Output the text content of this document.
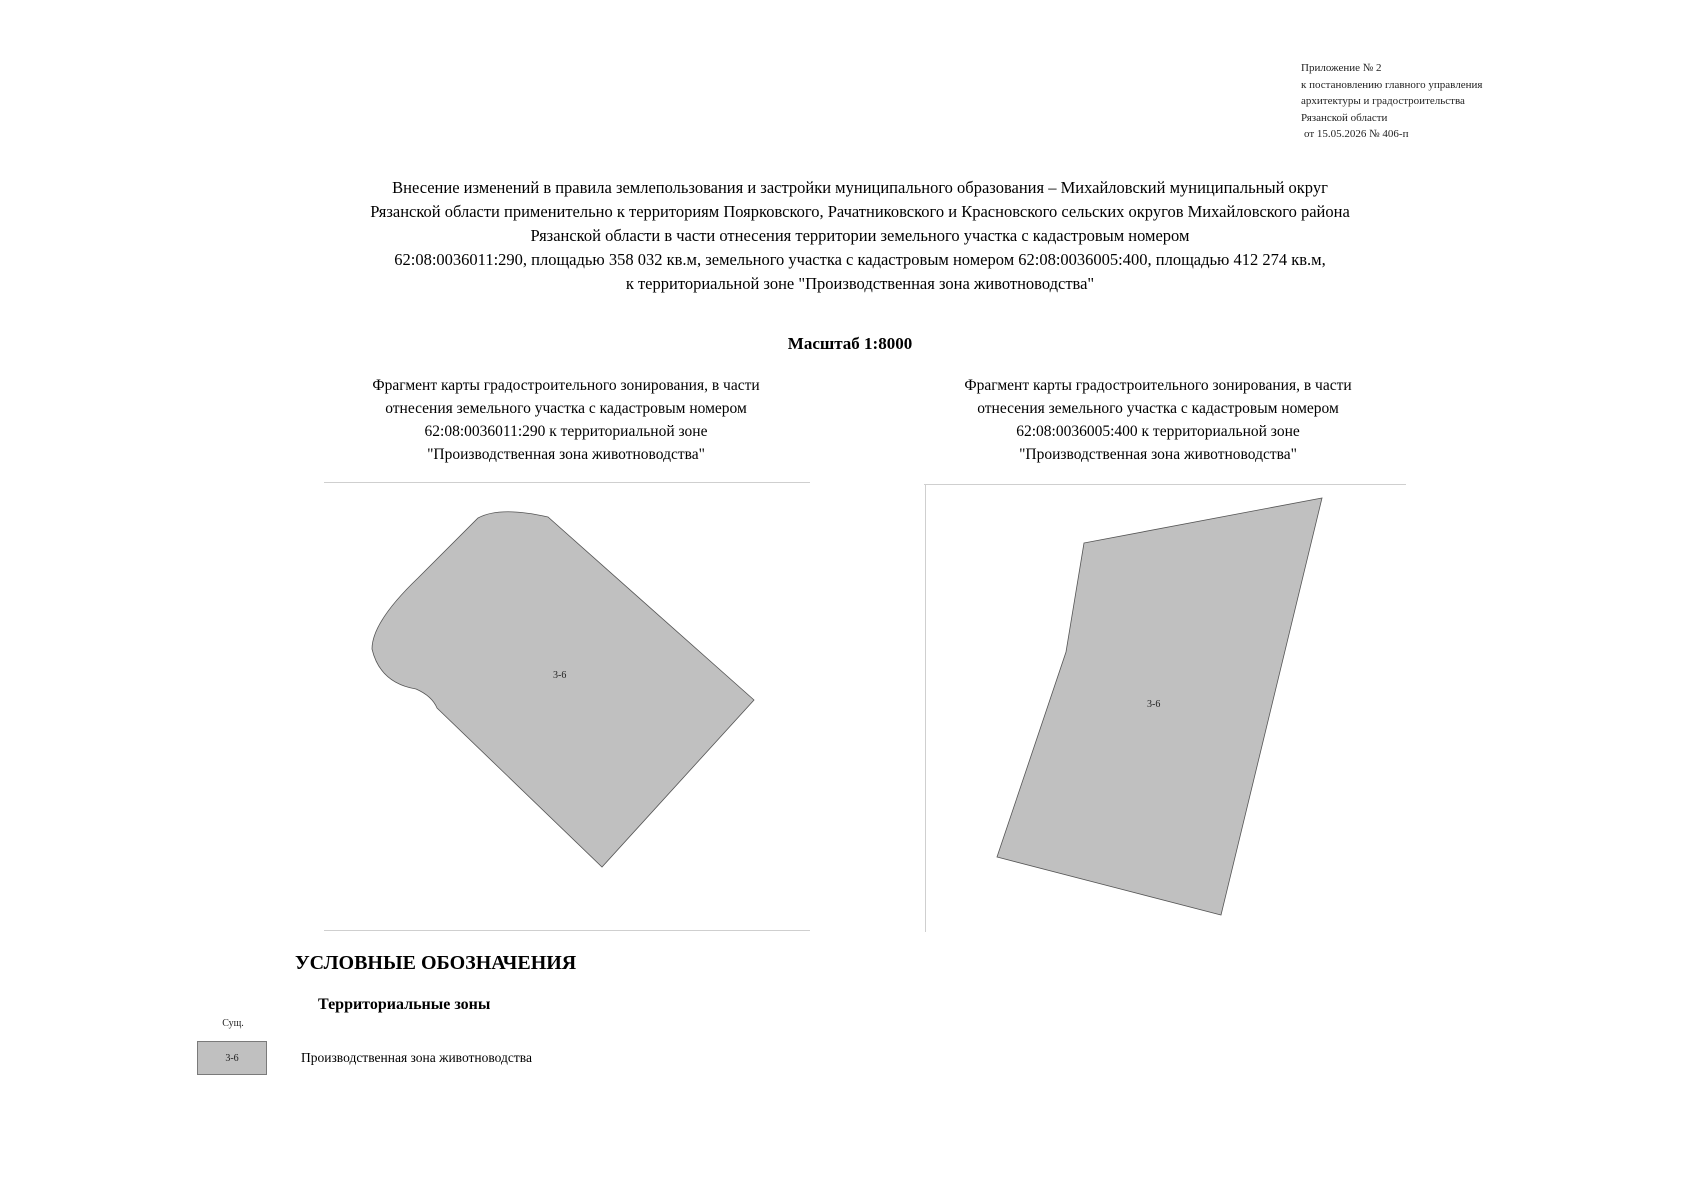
Приложение № 2
к постановлению главного управления
архитектуры и градостроительства
Рязанской области
от 15.05.2026 № 406-п
Внесение изменений в правила землепользования и застройки муниципального образования – Михайловский муниципальный округ
Рязанской области применительно к территориям Поярковского, Рачатниковского и Красновского сельских округов Михайловского района
Рязанской области в части отнесения территории земельного участка с кадастровым номером
62:08:0036011:290, площадью 358 032 кв.м, земельного участка с кадастровым номером 62:08:0036005:400, площадью 412 274 кв.м,
к территориальной зоне "Производственная зона животноводства"
Масштаб 1:8000
Фрагмент карты градостроительного зонирования, в части
отнесения земельного участка с кадастровым номером
62:08:0036011:290 к территориальной зоне
"Производственная зона животноводства"
Фрагмент карты градостроительного зонирования, в части
отнесения земельного участка с кадастровым номером
62:08:0036005:400 к территориальной зоне
"Производственная зона животноводства"
3-6
3-6
УСЛОВНЫЕ ОБОЗНАЧЕНИЯ
Территориальные зоны
Сущ.
3-6	Производственная зона животноводства
